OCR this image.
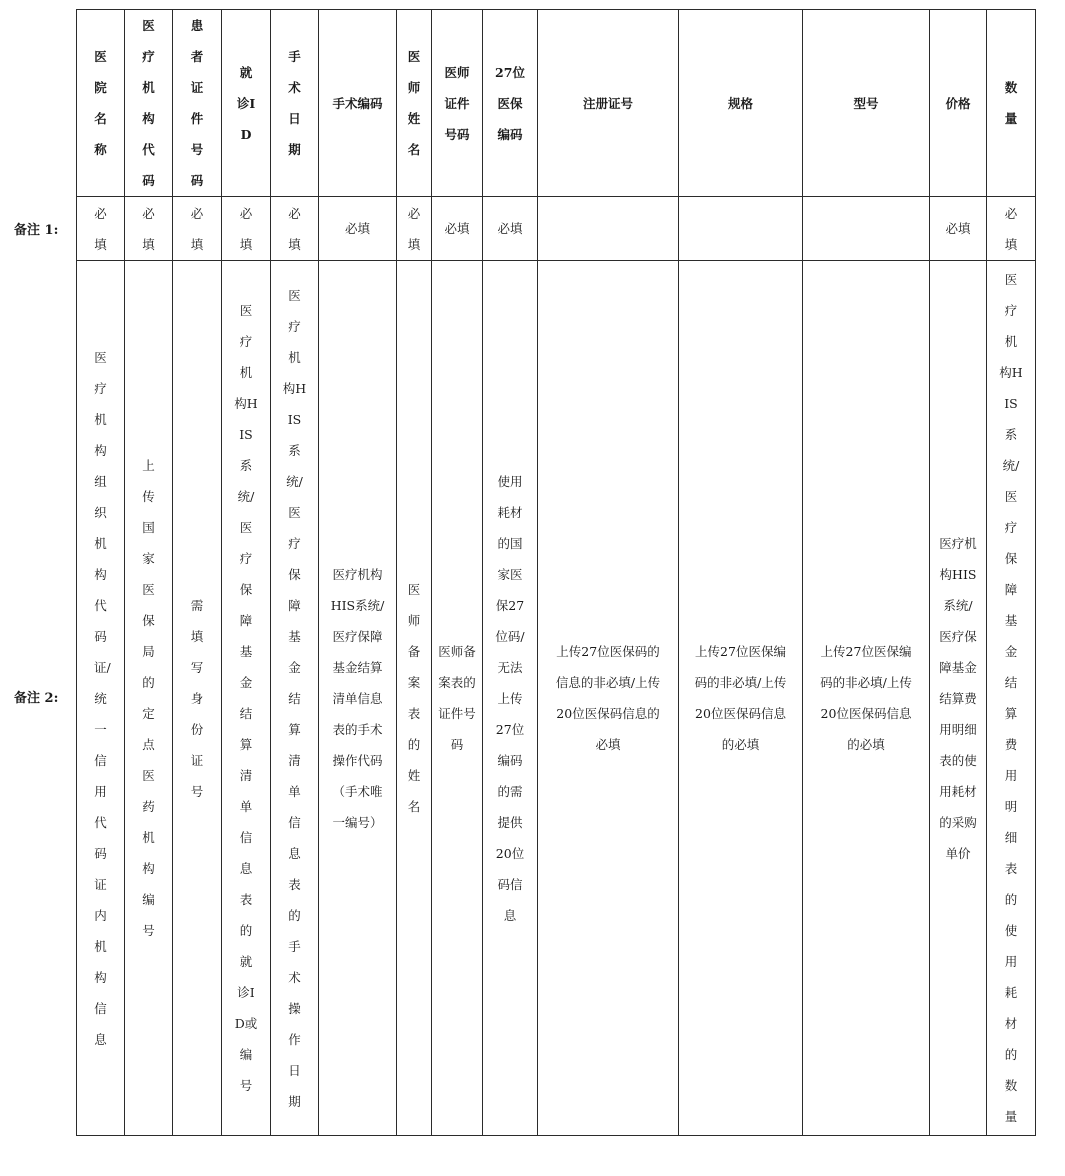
备注 1:
备注 2:
医院名称	医疗机构代码	患者证件号码	就诊ID	手术日期	手术编码	医师姓名	医师证件号码	27位医保编码	注册证号	规格	型号	价格	数量
必填	必填	必填	必填	必填	必填	必填	必填	必填				必填	必填
医疗机构组织机构代码证/统一信用代码证内机构信息	上传国家医保局的定点医药机构编号	需填写身份证号	医疗机构HIS系统/医疗保障基金结算清单信息表的就诊ID或编号	医疗机构HIS系统/医疗保障基金结算清单信息表的手术操作日期	医疗机构HIS系统/医疗保障基金结算清单信息表的手术操作代码（手术唯一编号）	医师备案表的姓名	医师备案表的证件号码	使用耗材的国家医保27位码/无法上传27位编码的需提供20位码信息	上传27位医保码的信息的非必填/上传20位医保码信息的必填	上传27位医保编码的非必填/上传20位医保码信息的必填	上传27位医保编码的非必填/上传20位医保码信息的必填	医疗机构HIS系统/医疗保障基金结算费用明细表的使用耗材的采购单价	医疗机构HIS系统/医疗保障基金结算费用明细表的使用耗材的数量
